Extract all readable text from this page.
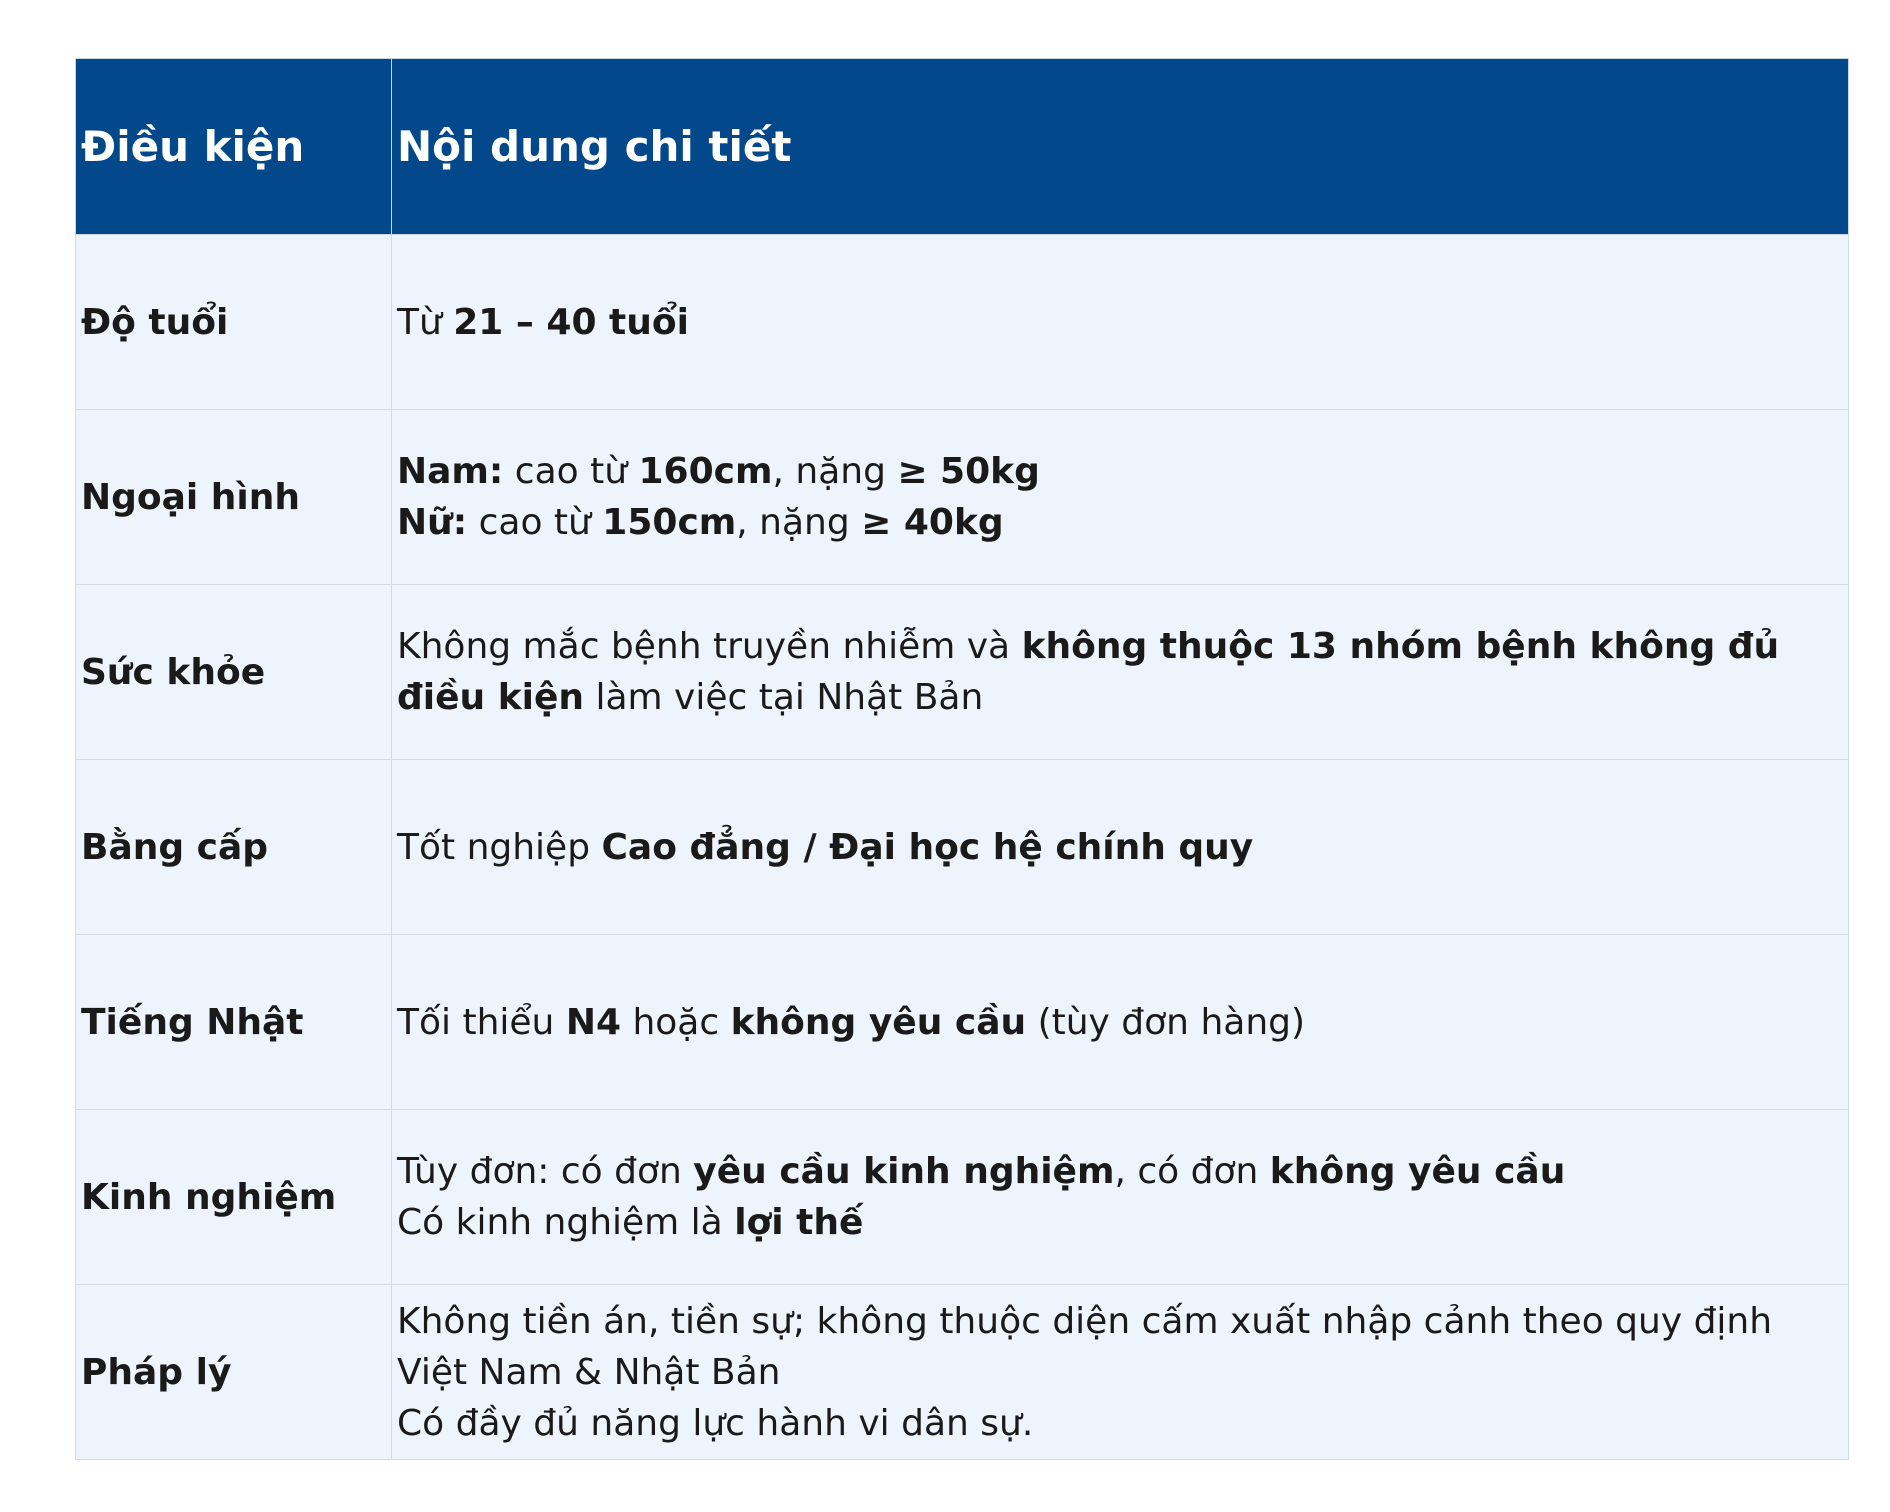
Điều kiện	Nội dung chi tiết
Độ tuổi	Từ 21 – 40 tuổi

Ngoại hình	Nam: cao từ 160cm, nặng ≥ 50kg
Nữ: cao từ 150cm, nặng ≥ 40kg

Sức khỏe	Không mắc bệnh truyền nhiễm và không thuộc 13 nhóm bệnh không đủ điều kiện làm việc tại Nhật Bản

Bằng cấp	Tốt nghiệp Cao đẳng / Đại học hệ chính quy

Tiếng Nhật	Tối thiểu N4 hoặc không yêu cầu (tùy đơn hàng)

Kinh nghiệm	Tùy đơn: có đơn yêu cầu kinh nghiệm, có đơn không yêu cầu
Có kinh nghiệm là lợi thế

Pháp lý	Không tiền án, tiền sự; không thuộc diện cấm xuất nhập cảnh theo quy định Việt Nam & Nhật Bản
Có đầy đủ năng lực hành vi dân sự.
